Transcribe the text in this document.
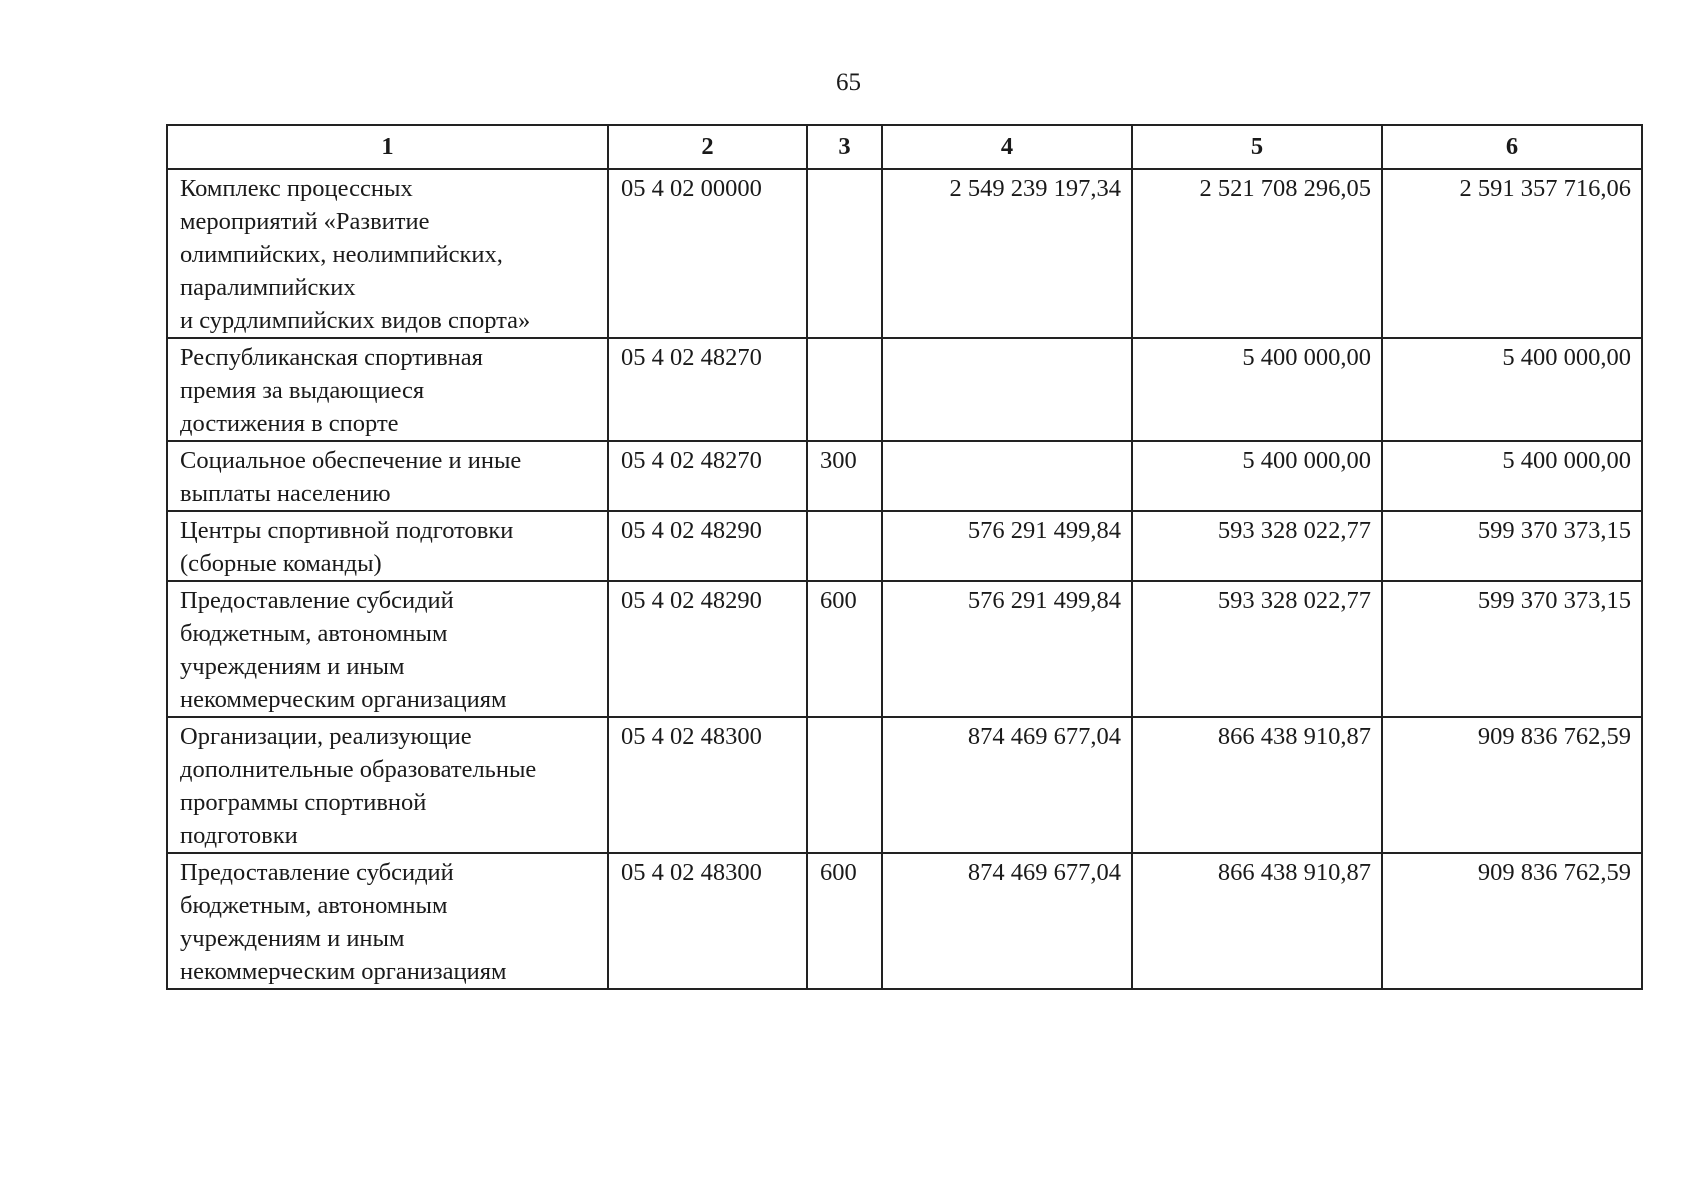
65
1	2	3	4	5	6
Комплекс процессных
мероприятий «Развитие
олимпийских, неолимпийских,
паралимпийских
и сурдлимпийских видов спорта»	05 4 02 00000		2 549 239 197,34	2 521 708 296,05	2 591 357 716,06
Республиканская спортивная
премия за выдающиеся
достижения в спорте	05 4 02 48270			5 400 000,00	5 400 000,00
Социальное обеспечение и иные
выплаты населению	05 4 02 48270	300		5 400 000,00	5 400 000,00
Центры спортивной подготовки
(сборные команды)	05 4 02 48290		576 291 499,84	593 328 022,77	599 370 373,15
Предоставление субсидий
бюджетным, автономным
учреждениям и иным
некоммерческим организациям	05 4 02 48290	600	576 291 499,84	593 328 022,77	599 370 373,15
Организации, реализующие
дополнительные образовательные
программы спортивной
подготовки	05 4 02 48300		874 469 677,04	866 438 910,87	909 836 762,59
Предоставление субсидий
бюджетным, автономным
учреждениям и иным
некоммерческим организациям	05 4 02 48300	600	874 469 677,04	866 438 910,87	909 836 762,59
